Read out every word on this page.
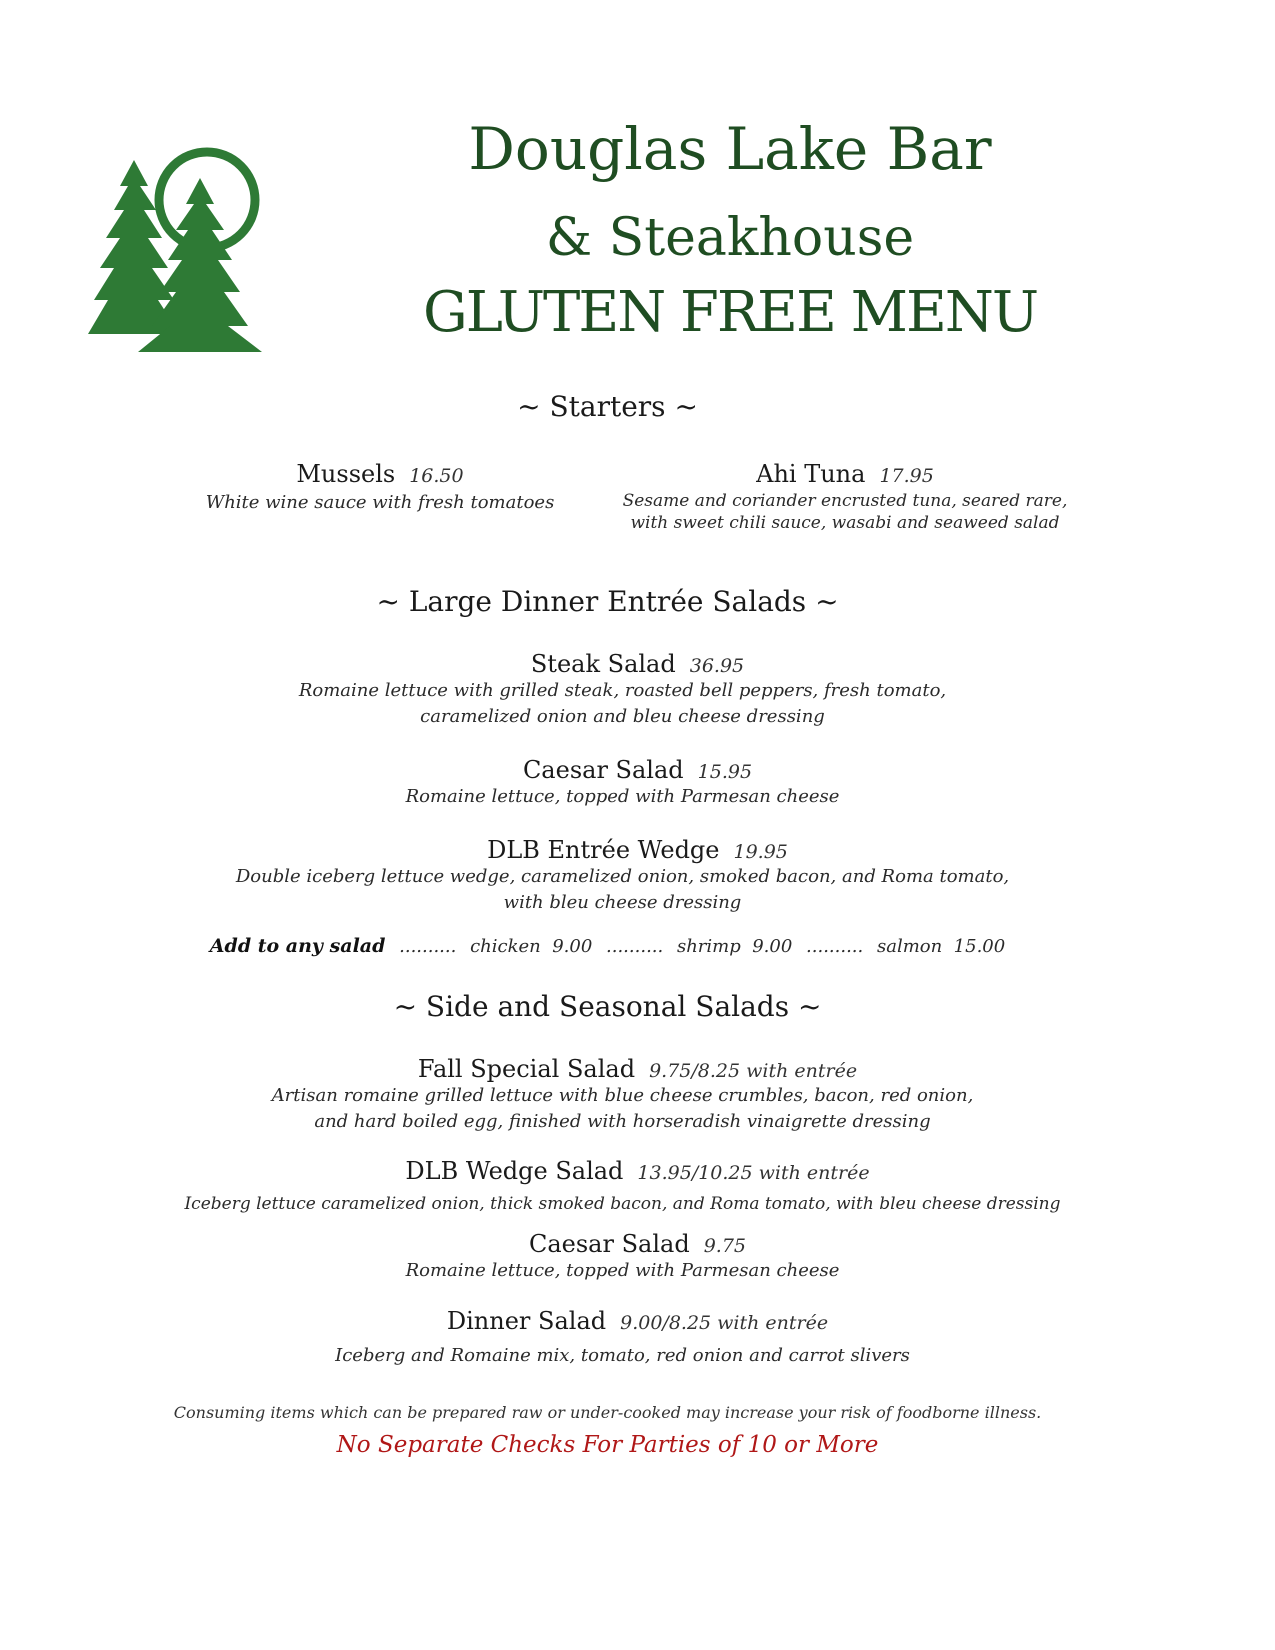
Douglas Lake Bar
& Steakhouse
GLUTEN FREE MENU
~ Starters ~
Mussels 16.50
White wine sauce with fresh tomatoes
Ahi Tuna 17.95
Sesame and coriander encrusted tuna, seared rare,
with sweet chili sauce, wasabi and seaweed salad
~ Large Dinner Entrée Salads ~
Steak Salad 36.95
Romaine lettuce with grilled steak, roasted bell peppers, fresh tomato,
caramelized onion and bleu cheese dressing
Caesar Salad 15.95
Romaine lettuce, topped with Parmesan cheese
DLB Entrée Wedge 19.95
Double iceberg lettuce wedge, caramelized onion, smoked bacon, and Roma tomato,
with bleu cheese dressing
Add to any salad .......... chicken 9.00 .......... shrimp 9.00 .......... salmon 15.00
~ Side and Seasonal Salads ~
Fall Special Salad 9.75/8.25 with entrée
Artisan romaine grilled lettuce with blue cheese crumbles, bacon, red onion,
and hard boiled egg, finished with horseradish vinaigrette dressing
DLB Wedge Salad 13.95/10.25 with entrée
Iceberg lettuce caramelized onion, thick smoked bacon, and Roma tomato, with bleu cheese dressing
Caesar Salad 9.75
Romaine lettuce, topped with Parmesan cheese
Dinner Salad 9.00/8.25 with entrée
Iceberg and Romaine mix, tomato, red onion and carrot slivers
Consuming items which can be prepared raw or under-cooked may increase your risk of foodborne illness.
No Separate Checks For Parties of 10 or More
